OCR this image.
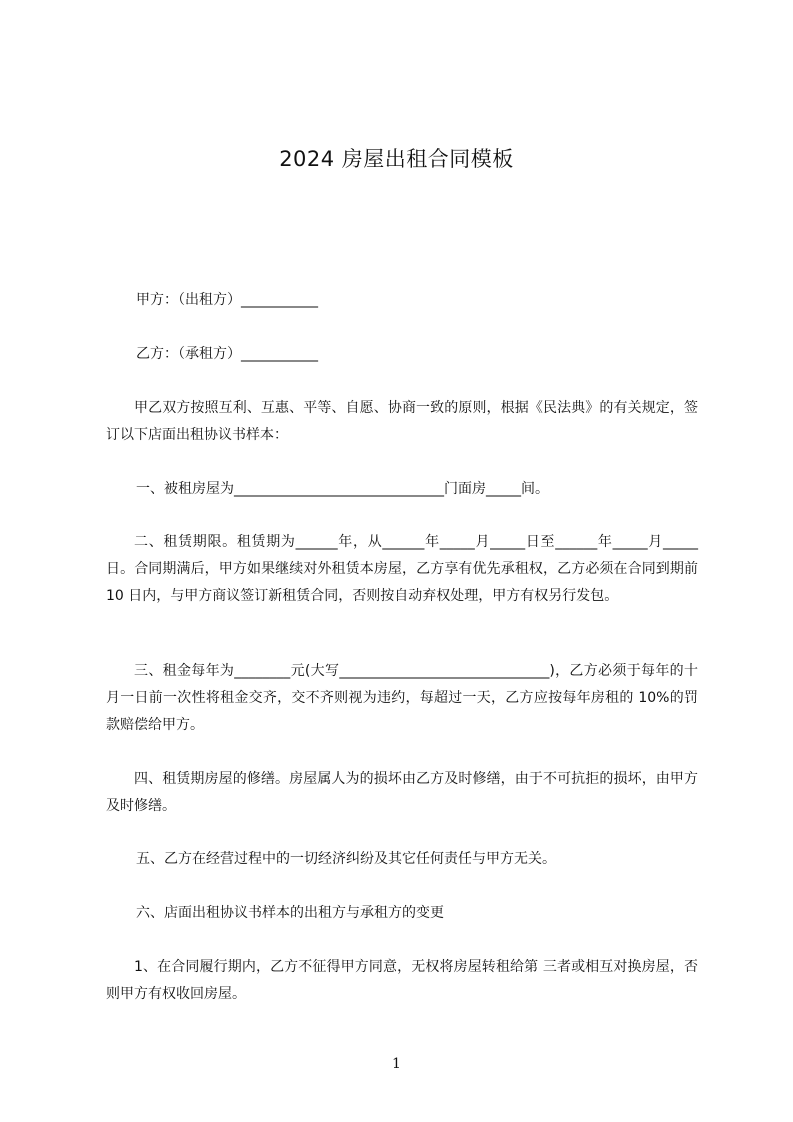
2024 房屋出租合同模板
甲方：（出租方）___________
乙方：（承租方）___________
甲乙双方按照互利、互惠、平等、自愿、协商一致的原则，根据《民法典》的有关规定，签订以下店面出租协议书样本：
一、被租房屋为______________________________门面房_____间。
二、租赁期限。租赁期为______年，从______年_____月_____日至______年_____月_____日。合同期满后，甲方如果继续对外租赁本房屋，乙方享有优先承租权，乙方必须在合同到期前 10 日内，与甲方商议签订新租赁合同，否则按自动弃权处理，甲方有权另行发包。
三、租金每年为________元(大写______________________________)，乙方必须于每年的十月一日前一次性将租金交齐，交不齐则视为违约，每超过一天，乙方应按每年房租的 10%的罚款赔偿给甲方。
四、租赁期房屋的修缮。房屋属人为的损坏由乙方及时修缮，由于不可抗拒的损坏，由甲方及时修缮。
五、乙方在经营过程中的一切经济纠纷及其它任何责任与甲方无关。
六、店面出租协议书样本的出租方与承租方的变更
1、在合同履行期内，乙方不征得甲方同意，无权将房屋转租给第 三者或相互对换房屋，否则甲方有权收回房屋。
1
